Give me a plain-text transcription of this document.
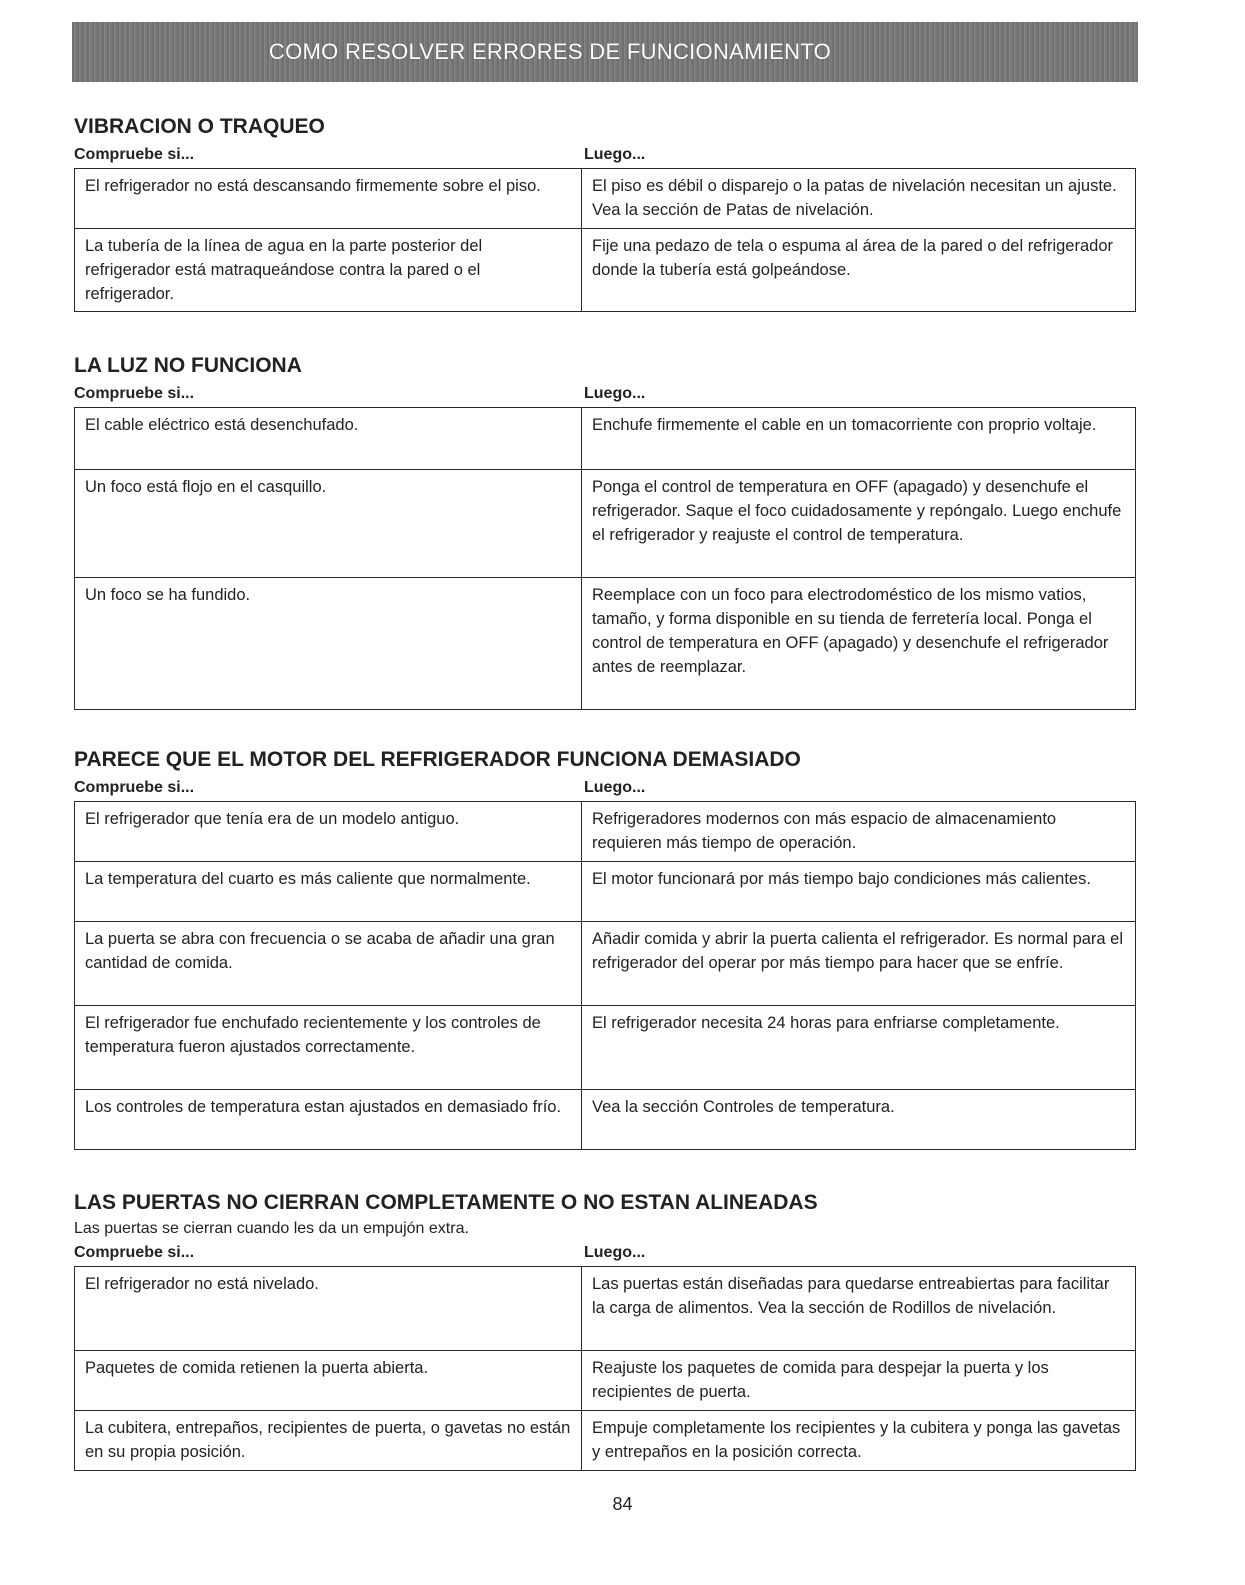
COMO RESOLVER ERRORES DE FUNCIONAMIENTO
VIBRACION O TRAQUEO
Compruebe si...	Luego...
El refrigerador no está descansando firmemente sobre el piso.	El piso es débil o disparejo o la patas de nivelación necesitan un ajuste. Vea la sección de Patas de nivelación.
La tubería de la línea de agua en la parte posterior del refrigerador está matraqueándose contra la pared o el refrigerador.	Fije una pedazo de tela o espuma al área de la pared o del refrigerador donde la tubería está golpeándose.
LA LUZ NO FUNCIONA
Compruebe si...	Luego...
El cable eléctrico está desenchufado.	Enchufe firmemente el cable en un tomacorriente con proprio voltaje.
Un foco está flojo en el casquillo.	Ponga el control de temperatura en OFF (apagado) y desenchufe el refrigerador. Saque el foco cuidadosamente y repóngalo. Luego enchufe el refrigerador y reajuste el control de temperatura.
Un foco se ha fundido.	Reemplace con un foco para electrodoméstico de los mismo vatios, tamaño, y forma disponible en su tienda de ferretería local. Ponga el control de temperatura en OFF (apagado) y desenchufe el refrigerador antes de reemplazar.
PARECE QUE EL MOTOR DEL REFRIGERADOR FUNCIONA DEMASIADO
Compruebe si...	Luego...
El refrigerador que tenía era de un modelo antiguo.	Refrigeradores modernos con más espacio de almacenamiento requieren más tiempo de operación.
La temperatura del cuarto es más caliente que normalmente.	El motor funcionará por más tiempo bajo condiciones más calientes.
La puerta se abra con frecuencia o se acaba de añadir una gran cantidad de comida.	Añadir comida y abrir la puerta calienta el refrigerador. Es normal para el refrigerador del operar por más tiempo para hacer que se enfríe.
El refrigerador fue enchufado recientemente y los controles de temperatura fueron ajustados correctamente.	El refrigerador necesita 24 horas para enfriarse completamente.
Los controles de temperatura estan ajustados en demasiado frío.	Vea la sección Controles de temperatura.
LAS PUERTAS NO CIERRAN COMPLETAMENTE O NO ESTAN ALINEADAS
Las puertas se cierran cuando les da un empujón extra.
Compruebe si...	Luego...
El refrigerador no está nivelado.	Las puertas están diseñadas para quedarse entreabiertas para facilitar la carga de alimentos. Vea la sección de Rodillos de nivelación.
Paquetes de comida retienen la puerta abierta.	Reajuste los paquetes de comida para despejar la puerta y los recipientes de puerta.
La cubitera, entrepaños, recipientes de puerta, o gavetas no están en su propia posición.	Empuje completamente los recipientes y la cubitera y ponga las gavetas y entrepaños en la posición correcta.
84
